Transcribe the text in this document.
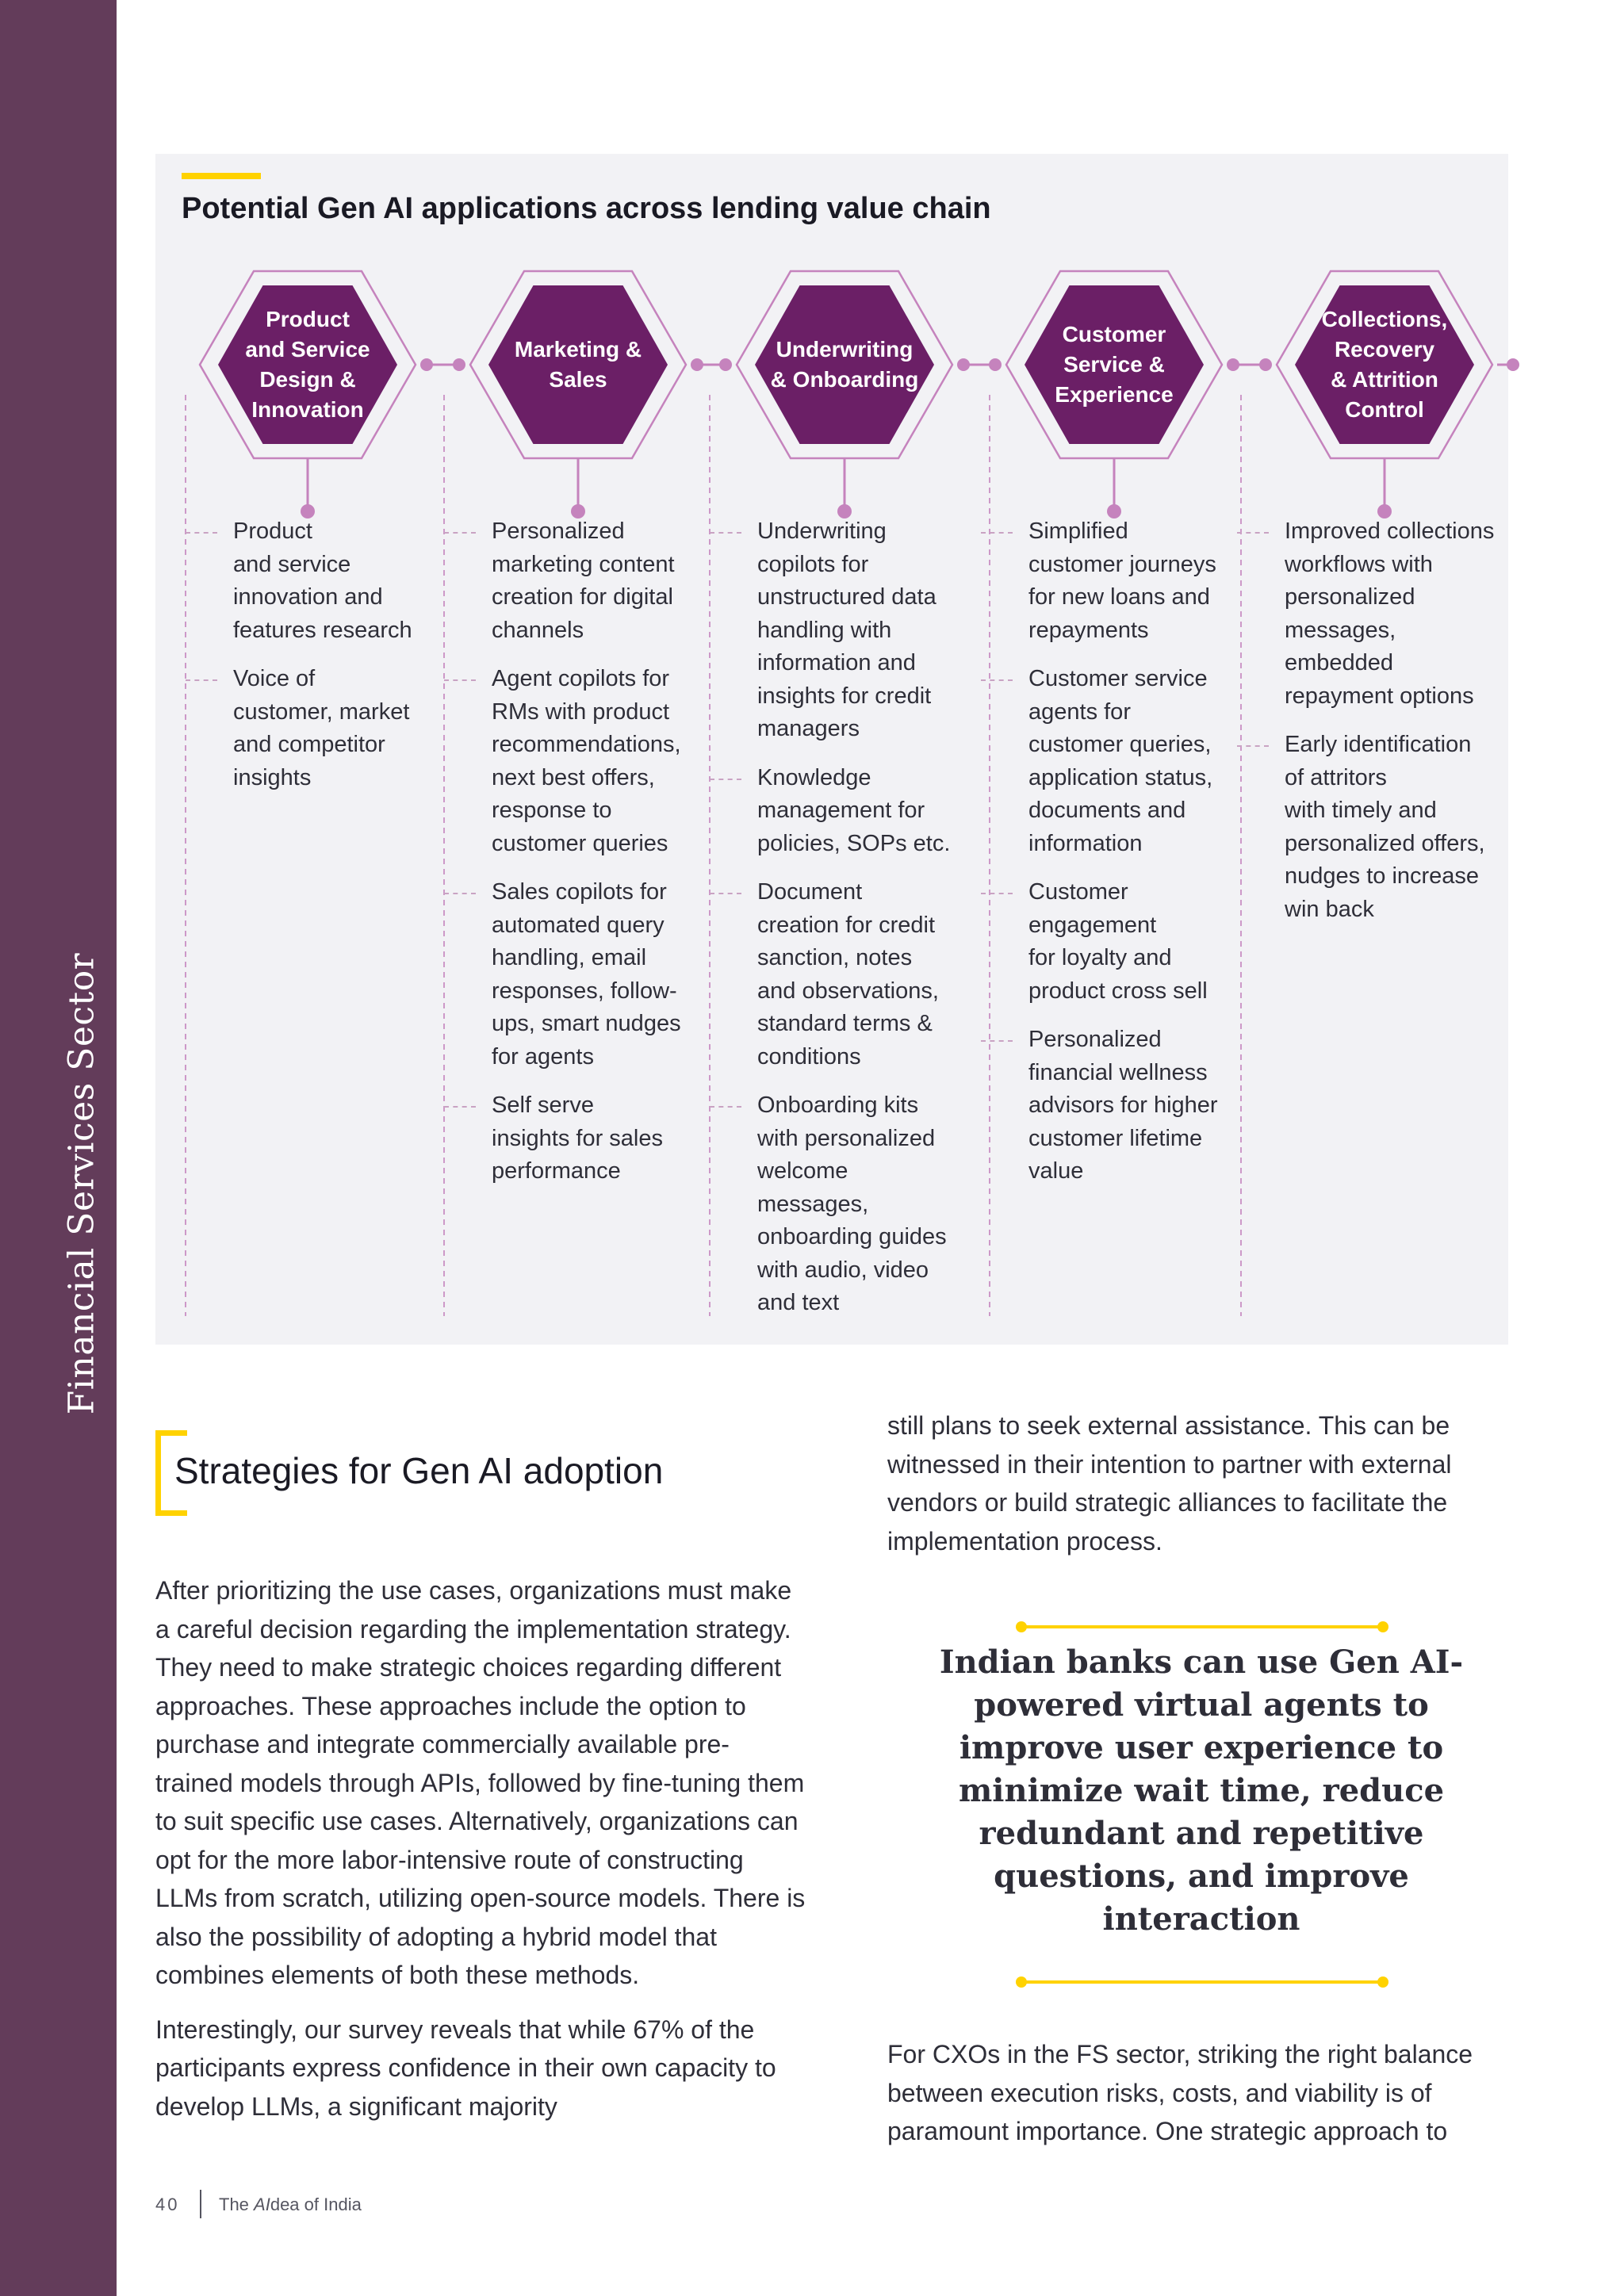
Financial Services Sector
Potential Gen AI applications across lending value chain
Product
and Service
Design &
Innovation
Marketing &
Sales
Underwriting
& Onboarding
Customer
Service &
Experience
Collections,
Recovery
& Attrition
Control
Product
and service
innovation and
features research
Voice of
customer, market
and competitor
insights
Personalized
marketing content
creation for digital
channels
Agent copilots for
RMs with product
recommendations,
next best offers,
response to
customer queries
Sales copilots for
automated query
handling, email
responses, follow-
ups, smart nudges
for agents
Self serve
insights for sales
performance
Underwriting
copilots for
unstructured data
handling with
information and
insights for credit
managers
Knowledge
management for
policies, SOPs etc.
Document
creation for credit
sanction, notes
and observations,
standard terms &
conditions
Onboarding kits
with personalized
welcome messages,
onboarding guides
with audio, video
and text
Simplified
customer journeys
for new loans and
repayments
Customer service
agents for
customer queries,
application status,
documents and
information
Customer
engagement
for loyalty and
product cross sell
Personalized
financial wellness
advisors for higher
customer lifetime
value
Improved collections
workflows with
personalized
messages,
embedded
repayment options
Early identification
of attritors
with timely and
personalized offers,
nudges to increase
win back
Strategies for Gen AI adoption

After prioritizing the use cases, organizations must make a careful decision regarding the implementation strategy. They need to make strategic choices regarding different approaches. These approaches include the option to purchase and integrate commercially available pre-trained models through APIs, followed by fine-tuning them to suit specific use cases. Alternatively, organizations can opt for the more labor-intensive route of constructing LLMs from scratch, utilizing open-source models. There is also the possibility of adopting a hybrid model that combines elements of both these methods.

Interestingly, our survey reveals that while 67% of the participants express confidence in their own capacity to develop LLMs, a significant majority

still plans to seek external assistance. This can be witnessed in their intention to partner with external vendors or build strategic alliances to facilitate the implementation process.

Indian banks can use Gen AI-powered virtual agents to improve user experience to minimize wait time, reduce redundant and repetitive questions, and improve interaction

For CXOs in the FS sector, striking the right balance between execution risks, costs, and viability is of paramount importance. One strategic approach to

40 The AIdea of India
